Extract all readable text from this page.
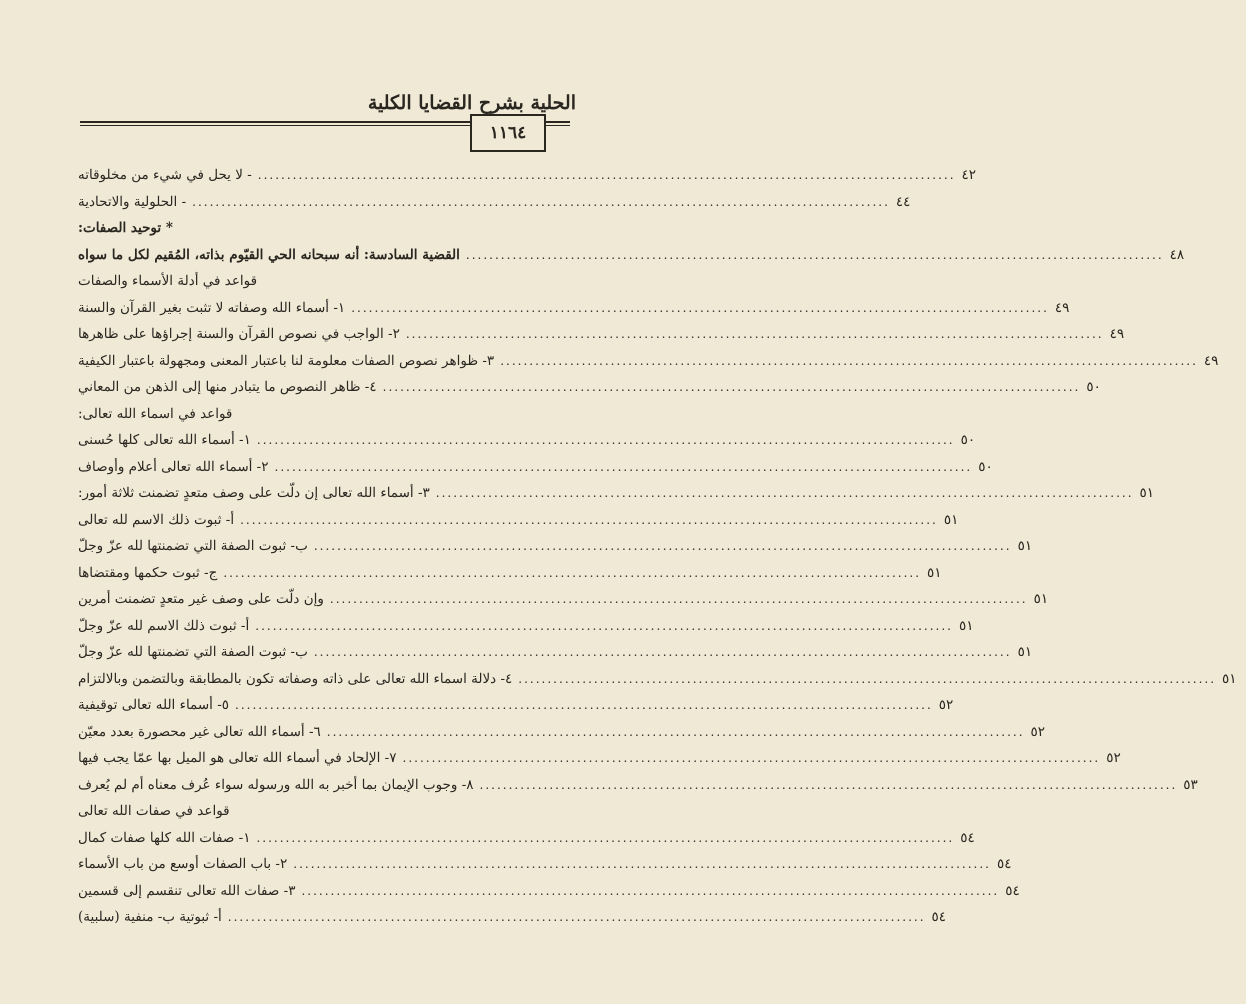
الحلية بشرح القضايا الكلية
١١٦٤
- لا يحل في شيء من مخلوقاته ........................................................................................................................ ٤٢
- الحلولية والاتحادية ........................................................................................................................ ٤٤
* توحيد الصفات:
القضية السادسة: أنه سبحانه الحي القيّوم بذاته، المُقيم لكل ما سواه ........................................................................................................................ ٤٨
قواعد في أدلة الأسماء والصفات
١- أسماء الله وصفاته لا تثبت بغير القرآن والسنة ........................................................................................................................ ٤٩
٢- الواجب في نصوص القرآن والسنة إجراؤها على ظاهرها ........................................................................................................................ ٤٩
٣- ظواهر نصوص الصفات معلومة لنا باعتبار المعنى ومجهولة باعتبار الكيفية ........................................................................................................................ ٤٩
٤- ظاهر النصوص ما يتبادر منها إلى الذهن من المعاني ........................................................................................................................ ٥٠
قواعد في اسماء الله تعالى:
١- أسماء الله تعالى كلها حُسنى ........................................................................................................................ ٥٠
٢- أسماء الله تعالى أعلام وأوصاف ........................................................................................................................ ٥٠
٣- أسماء الله تعالى إن دلّت على وصف متعدٍ تضمنت ثلاثة أمور: ........................................................................................................................ ٥١
أ- ثبوت ذلك الاسم لله تعالى ........................................................................................................................ ٥١
ب- ثبوت الصفة التي تضمنتها لله عزّ وجلّ ........................................................................................................................ ٥١
ج- ثبوت حكمها ومقتضاها ........................................................................................................................ ٥١
وإن دلّت على وصف غير متعدٍ تضمنت أمرين ........................................................................................................................ ٥١
أ- ثبوت ذلك الاسم لله عزّ وجلّ ........................................................................................................................ ٥١
ب- ثبوت الصفة التي تضمنتها لله عزّ وجلّ ........................................................................................................................ ٥١
٤- دلالة اسماء الله تعالى على ذاته وصفاته تكون بالمطابقة وبالتضمن وبالالتزام ........................................................................................................................ ٥١
٥- أسماء الله تعالى توقيفية ........................................................................................................................ ٥٢
٦- أسماء الله تعالى غير محصورة بعدد معيّن ........................................................................................................................ ٥٢
٧- الإلحاد في أسماء الله تعالى هو الميل بها عمّا يجب فيها ........................................................................................................................ ٥٢
٨- وجوب الإيمان بما أخبر به الله ورسوله سواء عُرف معناه أم لم يُعرف ........................................................................................................................ ٥٣
قواعد في صفات الله تعالى
١- صفات الله كلها صفات كمال ........................................................................................................................ ٥٤
٢- باب الصفات أوسع من باب الأسماء ........................................................................................................................ ٥٤
٣- صفات الله تعالى تنقسم إلى قسمين ........................................................................................................................ ٥٤
أ- ثبوتية ب- منفية (سلبية) ........................................................................................................................ ٥٤
